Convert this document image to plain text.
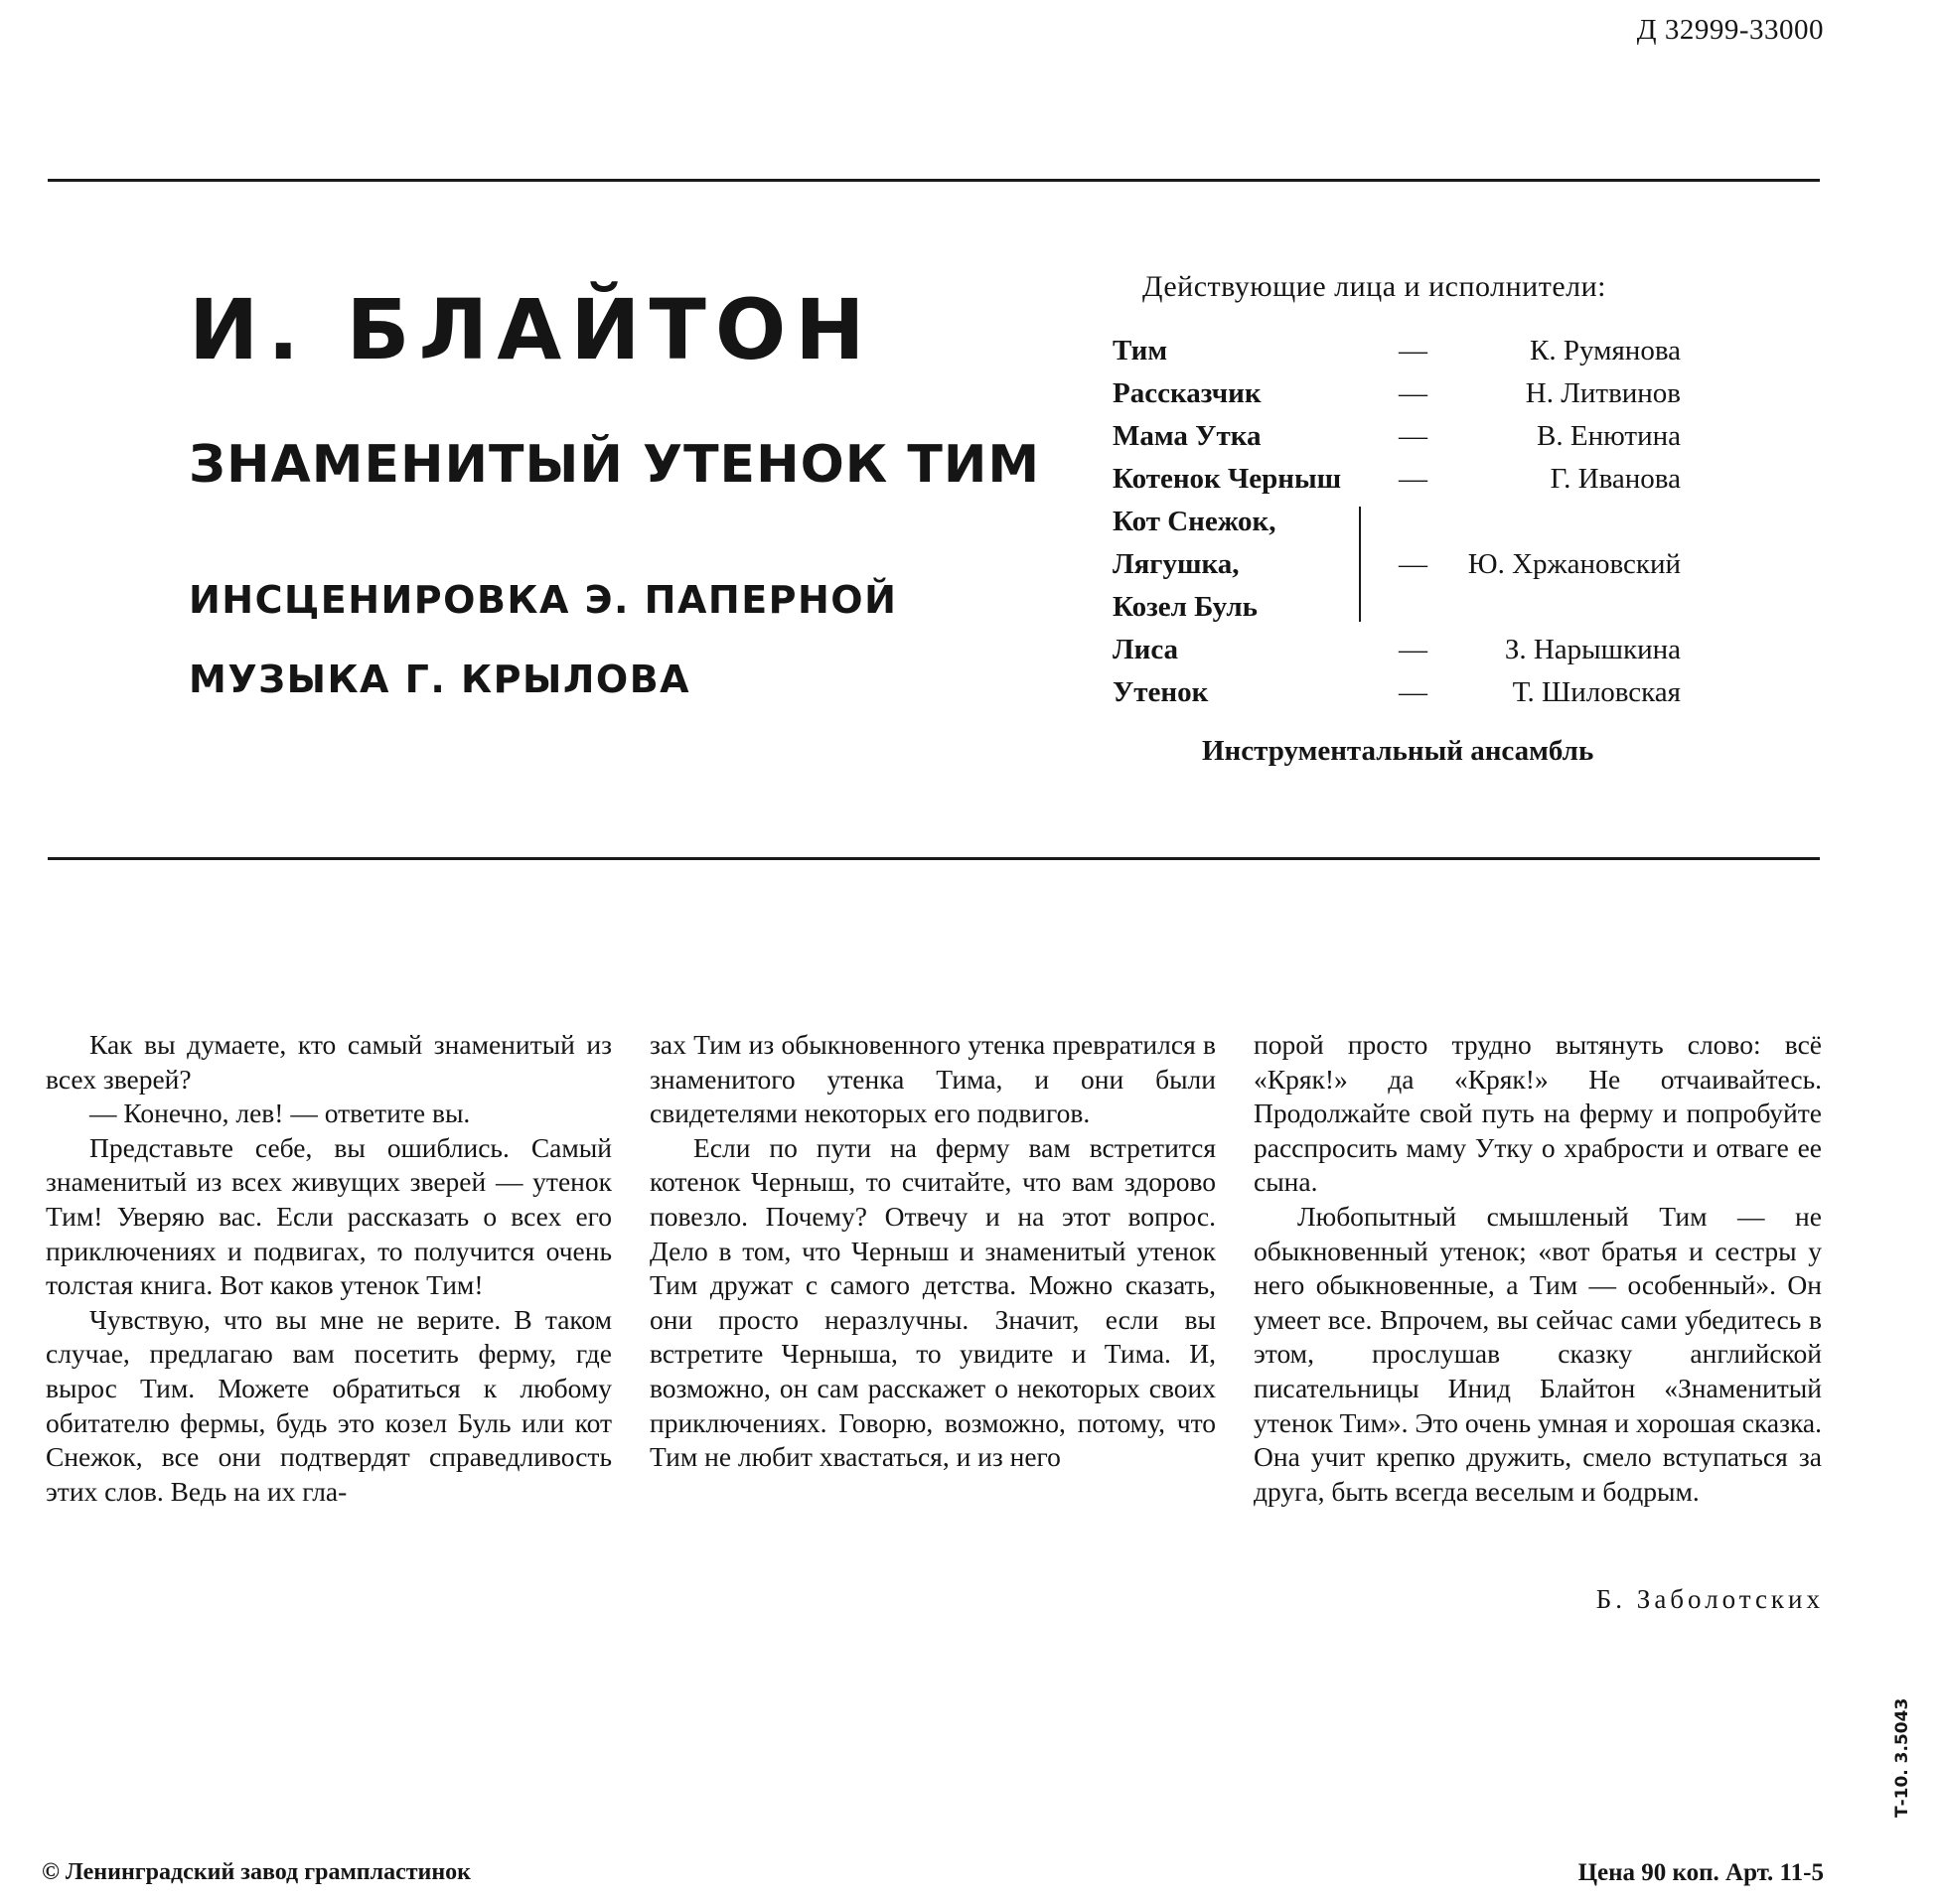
Д 32999-33000
И. БЛАЙТОН
ЗНАМЕНИТЫЙ УТЕНОК ТИМ
ИНСЦЕНИРОВКА Э. ПАПЕРНОЙ
МУЗЫКА Г. КРЫЛОВА
Действующие лица и исполнители:
Тим	—	К. Румянова
Рассказчик	—	Н. Литвинов
Мама Утка	—	В. Енютина
Котенок Черныш —	Г. Иванова
Кот Снежок,
Лягушка,
Козел Буль
— Ю. Хржановский
Лиса	—	З. Нарышкина
Утенок	—	Т. Шиловская
Инструментальный ансамбль

Как вы думаете, кто самый знаменитый из всех зверей?

— Конечно, лев! — ответите вы.

Представьте себе, вы ошиблись. Самый знаменитый из всех живущих зверей — утенок Тим! Уверяю вас. Если рассказать о всех его приключениях и подвигах, то получится очень толстая книга. Вот каков утенок Тим!

Чувствую, что вы мне не верите. В таком случае, предлагаю вам посетить ферму, где вырос Тим. Можете обратиться к любому обитателю фермы, будь это козел Буль или кот Снежок, все они подтвердят справедливость этих слов. Ведь на их гла-

зах Тим из обыкновенного утенка превратился в знаменитого утенка Тима, и они были свидетелями некоторых его подвигов.

Если по пути на ферму вам встретится котенок Черныш, то считайте, что вам здорово повезло. Почему? Отвечу и на этот вопрос. Дело в том, что Черныш и знаменитый утенок Тим дружат с самого детства. Можно сказать, они просто неразлучны. Значит, если вы встретите Черныша, то увидите и Тима. И, возможно, он сам расскажет о некоторых своих приключениях. Говорю, возможно, потому, что Тим не любит хвастаться, и из него

порой просто трудно вытянуть слово: всё «Кряк!» да «Кряк!» Не отчаивайтесь. Продолжайте свой путь на ферму и попробуйте расспросить маму Утку о храбрости и отваге ее сына.

Любопытный смышленый Тим — не обыкновенный утенок; «вот братья и сестры у него обыкновенные, а Тим — особенный». Он умеет все. Впрочем, вы сейчас сами убедитесь в этом, прослушав сказку английской писательницы Инид Блайтон «Знаменитый утенок Тим». Это очень умная и хорошая сказка. Она учит крепко дружить, смело вступаться за друга, быть всегда веселым и бодрым.

Б. Заболотских
© Ленинградский завод грампластинок	Цена 90 коп. Арт. 11-5
Т-10. 3.5043
